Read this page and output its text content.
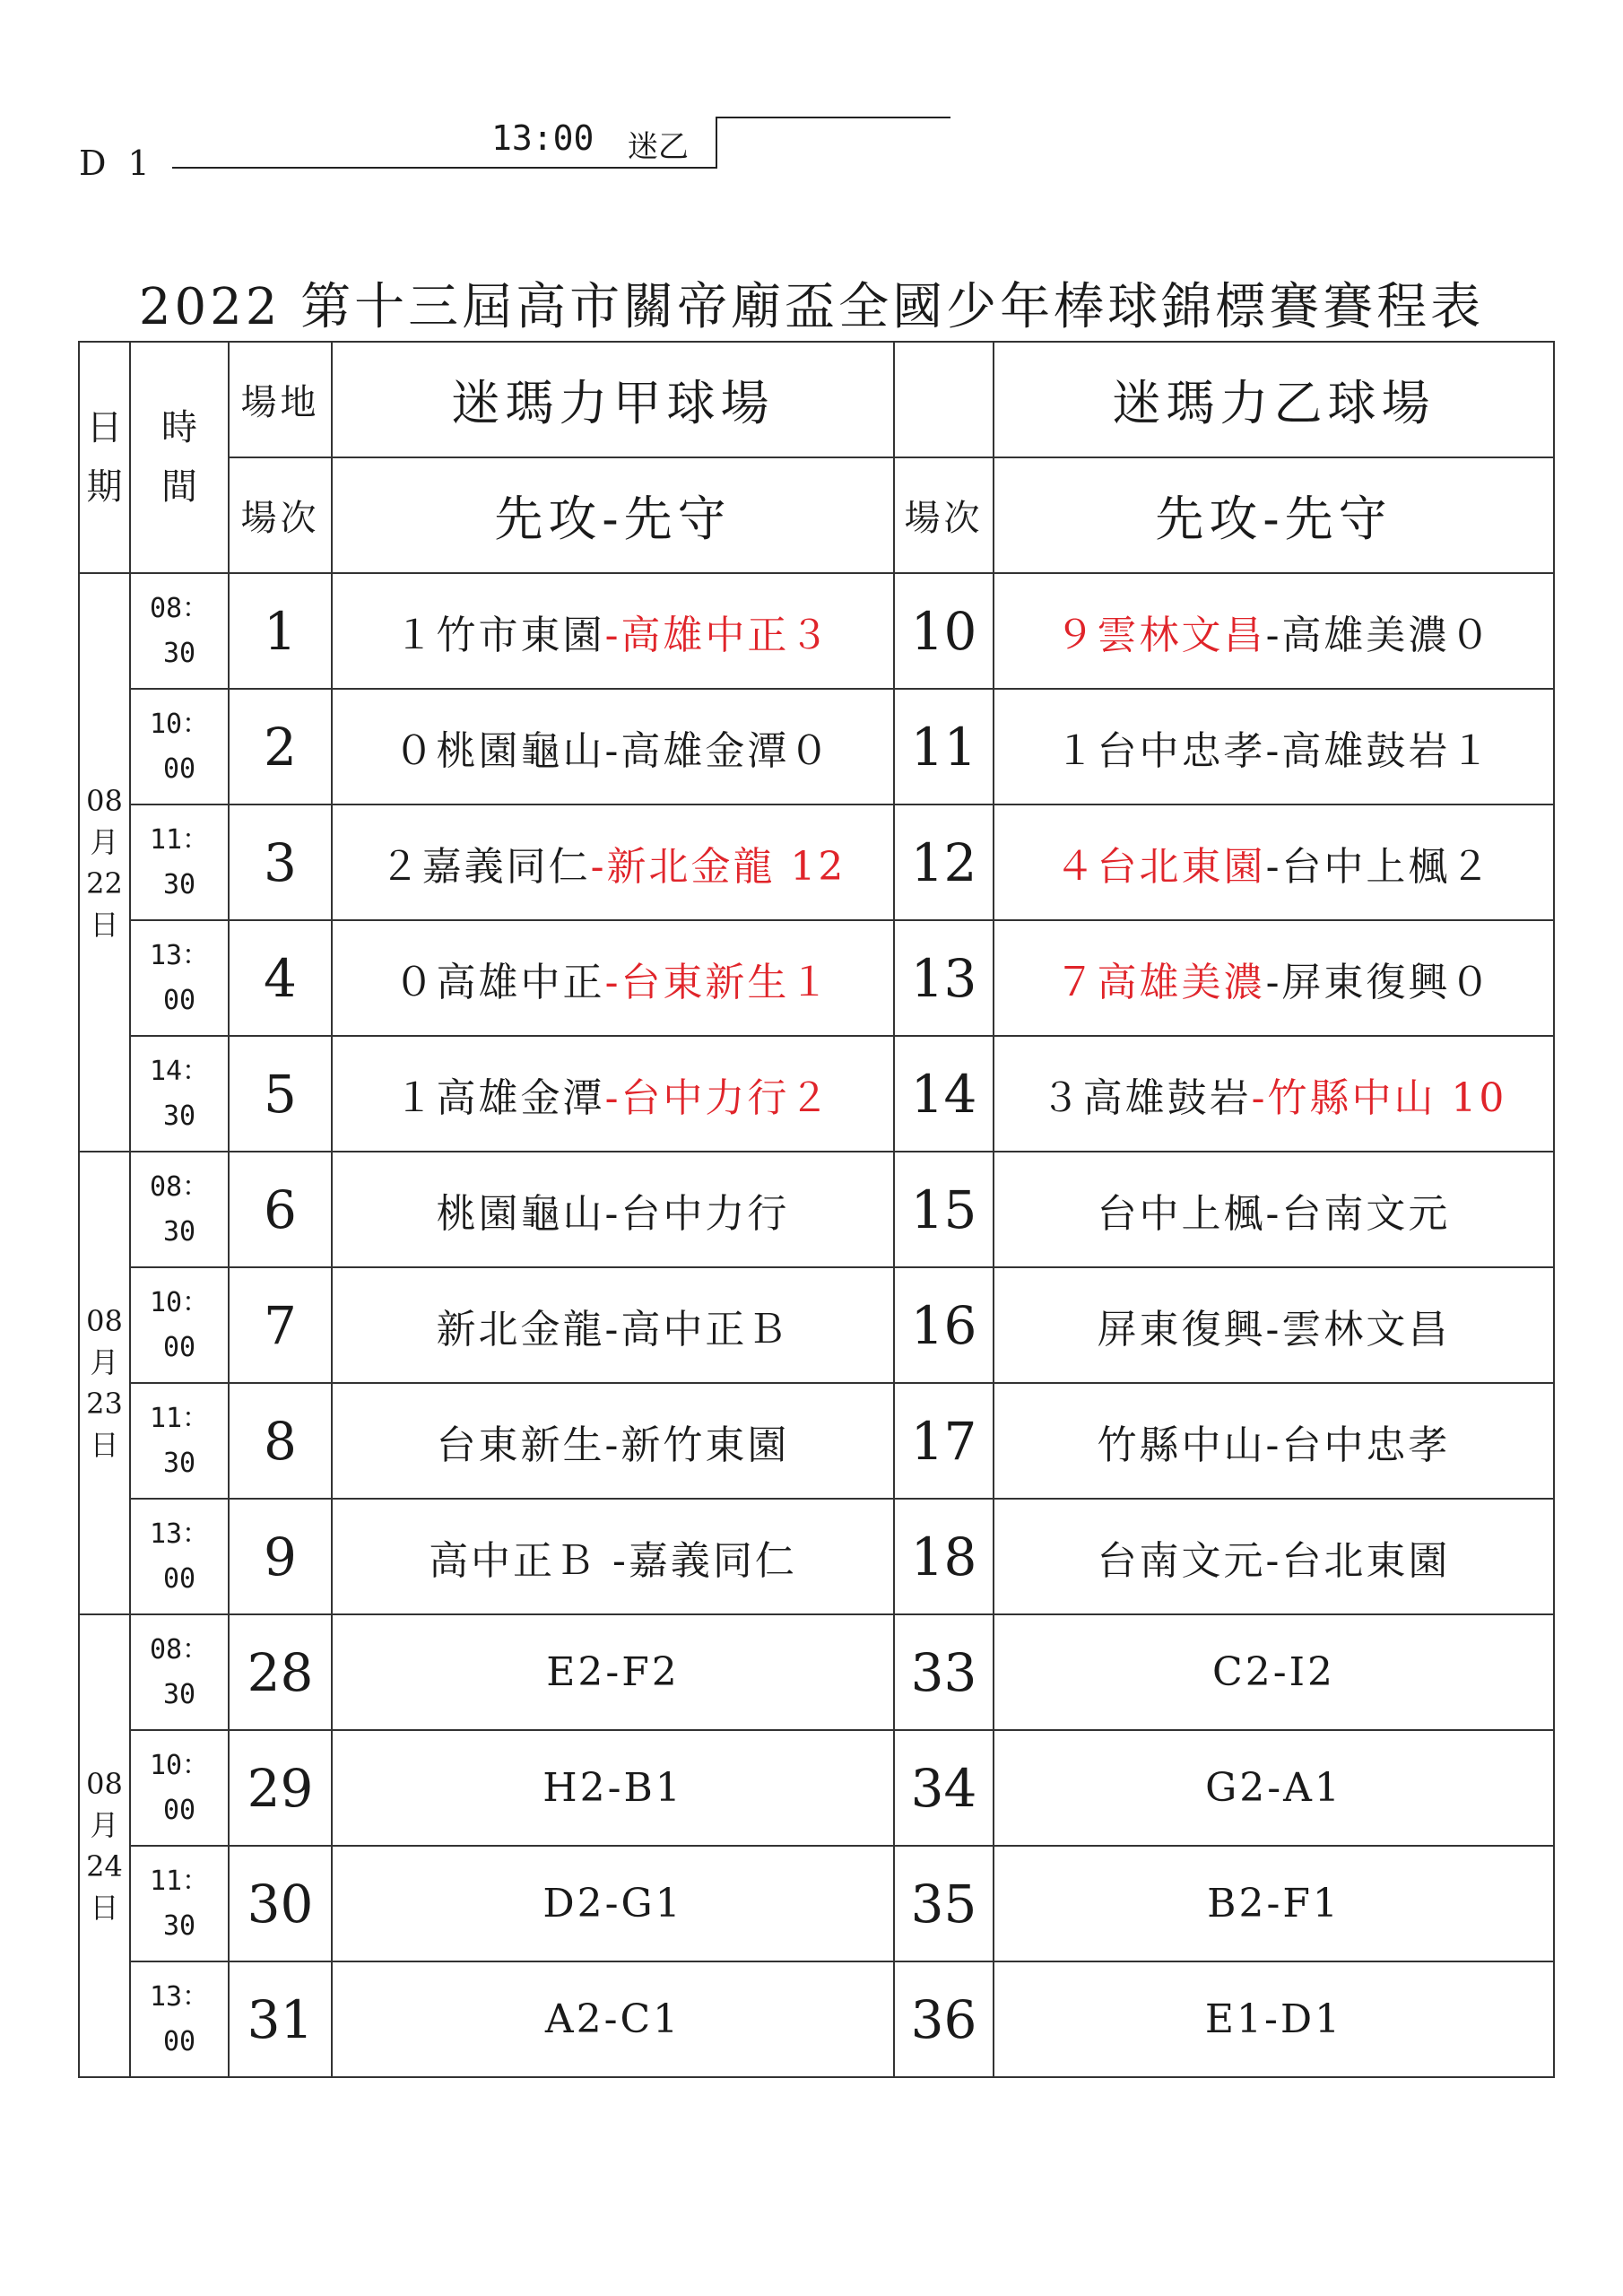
D 1
13:00 迷乙
2022 第十三屆高市關帝廟盃全國少年棒球錦標賽賽程表
日
期	時
間	場地	迷瑪力甲球場		迷瑪力乙球場
		場次	先攻-先守	場次	先攻-先守

08
月
22
日	08：
30	1	１竹市東園-高雄中正３	10	９雲林文昌-高雄美濃０

	10：
00	2	０桃園龜山-高雄金潭０	11	１台中忠孝-高雄鼓岩１

	11：
30	3	２嘉義同仁-新北金龍 12	12	４台北東園-台中上楓２

	13：
00	4	０高雄中正-台東新生１	13	７高雄美濃-屏東復興０

	14：
30	5	１高雄金潭-台中力行２	14	３高雄鼓岩-竹縣中山 10

08
月
23
日	08：
30	6	桃園龜山-台中力行	15	台中上楓-台南文元

	10：
00	7	新北金龍-高中正Ｂ	16	屏東復興-雲林文昌

	11：
30	8	台東新生-新竹東園	17	竹縣中山-台中忠孝

	13：
00	9	高中正Ｂ -嘉義同仁	18	台南文元-台北東園

08
月
24
日	08：
30	28	E2-F2	33	C2-I2

	10：
00	29	H2-B1	34	G2-A1

	11：
30	30	D2-G1	35	B2-F1

	13：
00	31	A2-C1	36	E1-D1
